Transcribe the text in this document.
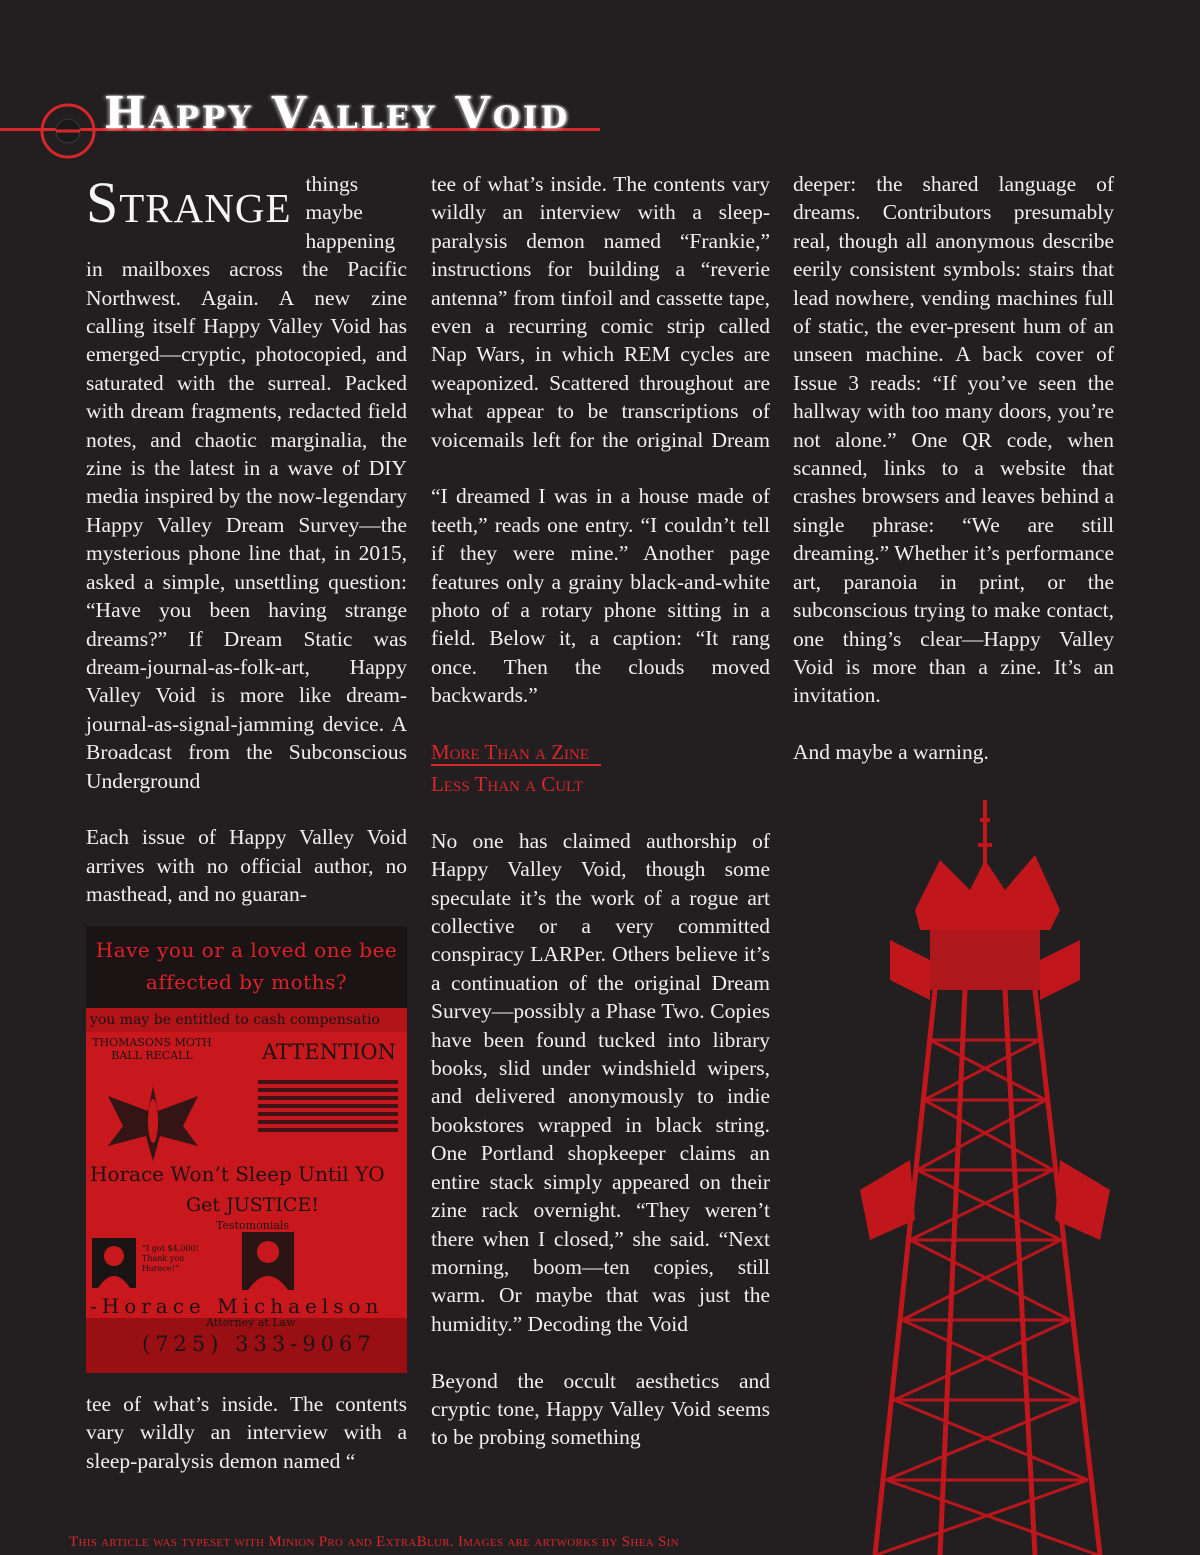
Happy Valley Void

Strange things maybe happening in mailboxes across the Pacific Northwest. Again. A new zine calling itself Happy Valley Void has emerged—cryptic, photocopied, and saturated with the surreal. Packed with dream fragments, redacted field notes, and chaotic marginalia, the zine is the latest in a wave of DIY media inspired by the now-legendary Happy Valley Dream Survey—the mysterious phone line that, in 2015, asked a simple, unsettling question: “Have you been having strange dreams?” If Dream Static was dream-journal-as-folk-art, Happy Valley Void is more like dream-journal-as-signal-jamming device. A Broadcast from the Subconscious Underground

Each issue of Happy Valley Void arrives with no official author, no masthead, and no guaran-

Have you or a loved one bee
affected by moths?
you may be entitled to cash compensatio
THOMASONS MOTH BALL RECALL	ATTENTION
Horace Won’t Sleep Until YO
Get JUSTICE!
Testomonials
“I got $4,000! Thank you Horace!”
-Horace Michaelson
Attorney at Law
(725) 333-9067

tee of what’s inside. The contents vary wildly an interview with a sleep-paralysis demon named “

tee of what’s inside. The contents vary wildly an interview with a sleep-paralysis demon named “Frankie,” instructions for building a “reverie antenna” from tinfoil and cassette tape, even a recurring comic strip called Nap Wars, in which REM cycles are weaponized. Scattered throughout are what appear to be transcriptions of voicemails left for the original Dream

“I dreamed I was in a house made of teeth,” reads one entry. “I couldn’t tell if they were mine.” Another page features only a grainy black-and-white photo of a rotary phone sitting in a field. Below it, a caption: “It rang once. Then the clouds moved backwards.”

More Than a Zine
Less Than a Cult

No one has claimed authorship of Happy Valley Void, though some speculate it’s the work of a rogue art collective or a very committed conspiracy LARPer. Others believe it’s a continuation of the original Dream Survey—possibly a Phase Two. Copies have been found tucked into library books, slid under windshield wipers, and delivered anonymously to indie bookstores wrapped in black string. One Portland shopkeeper claims an entire stack simply appeared on their zine rack overnight. “They weren’t there when I closed,” she said. “Next morning, boom—ten copies, still warm. Or maybe that was just the humidity.” Decoding the Void

Beyond the occult aesthetics and cryptic tone, Happy Valley Void seems to be probing something

deeper: the shared language of dreams. Contributors presumably real, though all anonymous describe eerily consistent symbols: stairs that lead nowhere, vending machines full of static, the ever-present hum of an unseen machine. A back cover of Issue 3 reads: “If you’ve seen the hallway with too many doors, you’re not alone.” One QR code, when scanned, links to a website that crashes browsers and leaves behind a single phrase: “We are still dreaming.” Whether it’s performance art, paranoia in print, or the subconscious trying to make contact, one thing’s clear—Happy Valley Void is more than a zine. It’s an invitation.

And maybe a warning.

This article was typeset with Minion Pro and ExtraBlur. Images are artworks by Shea Sin
